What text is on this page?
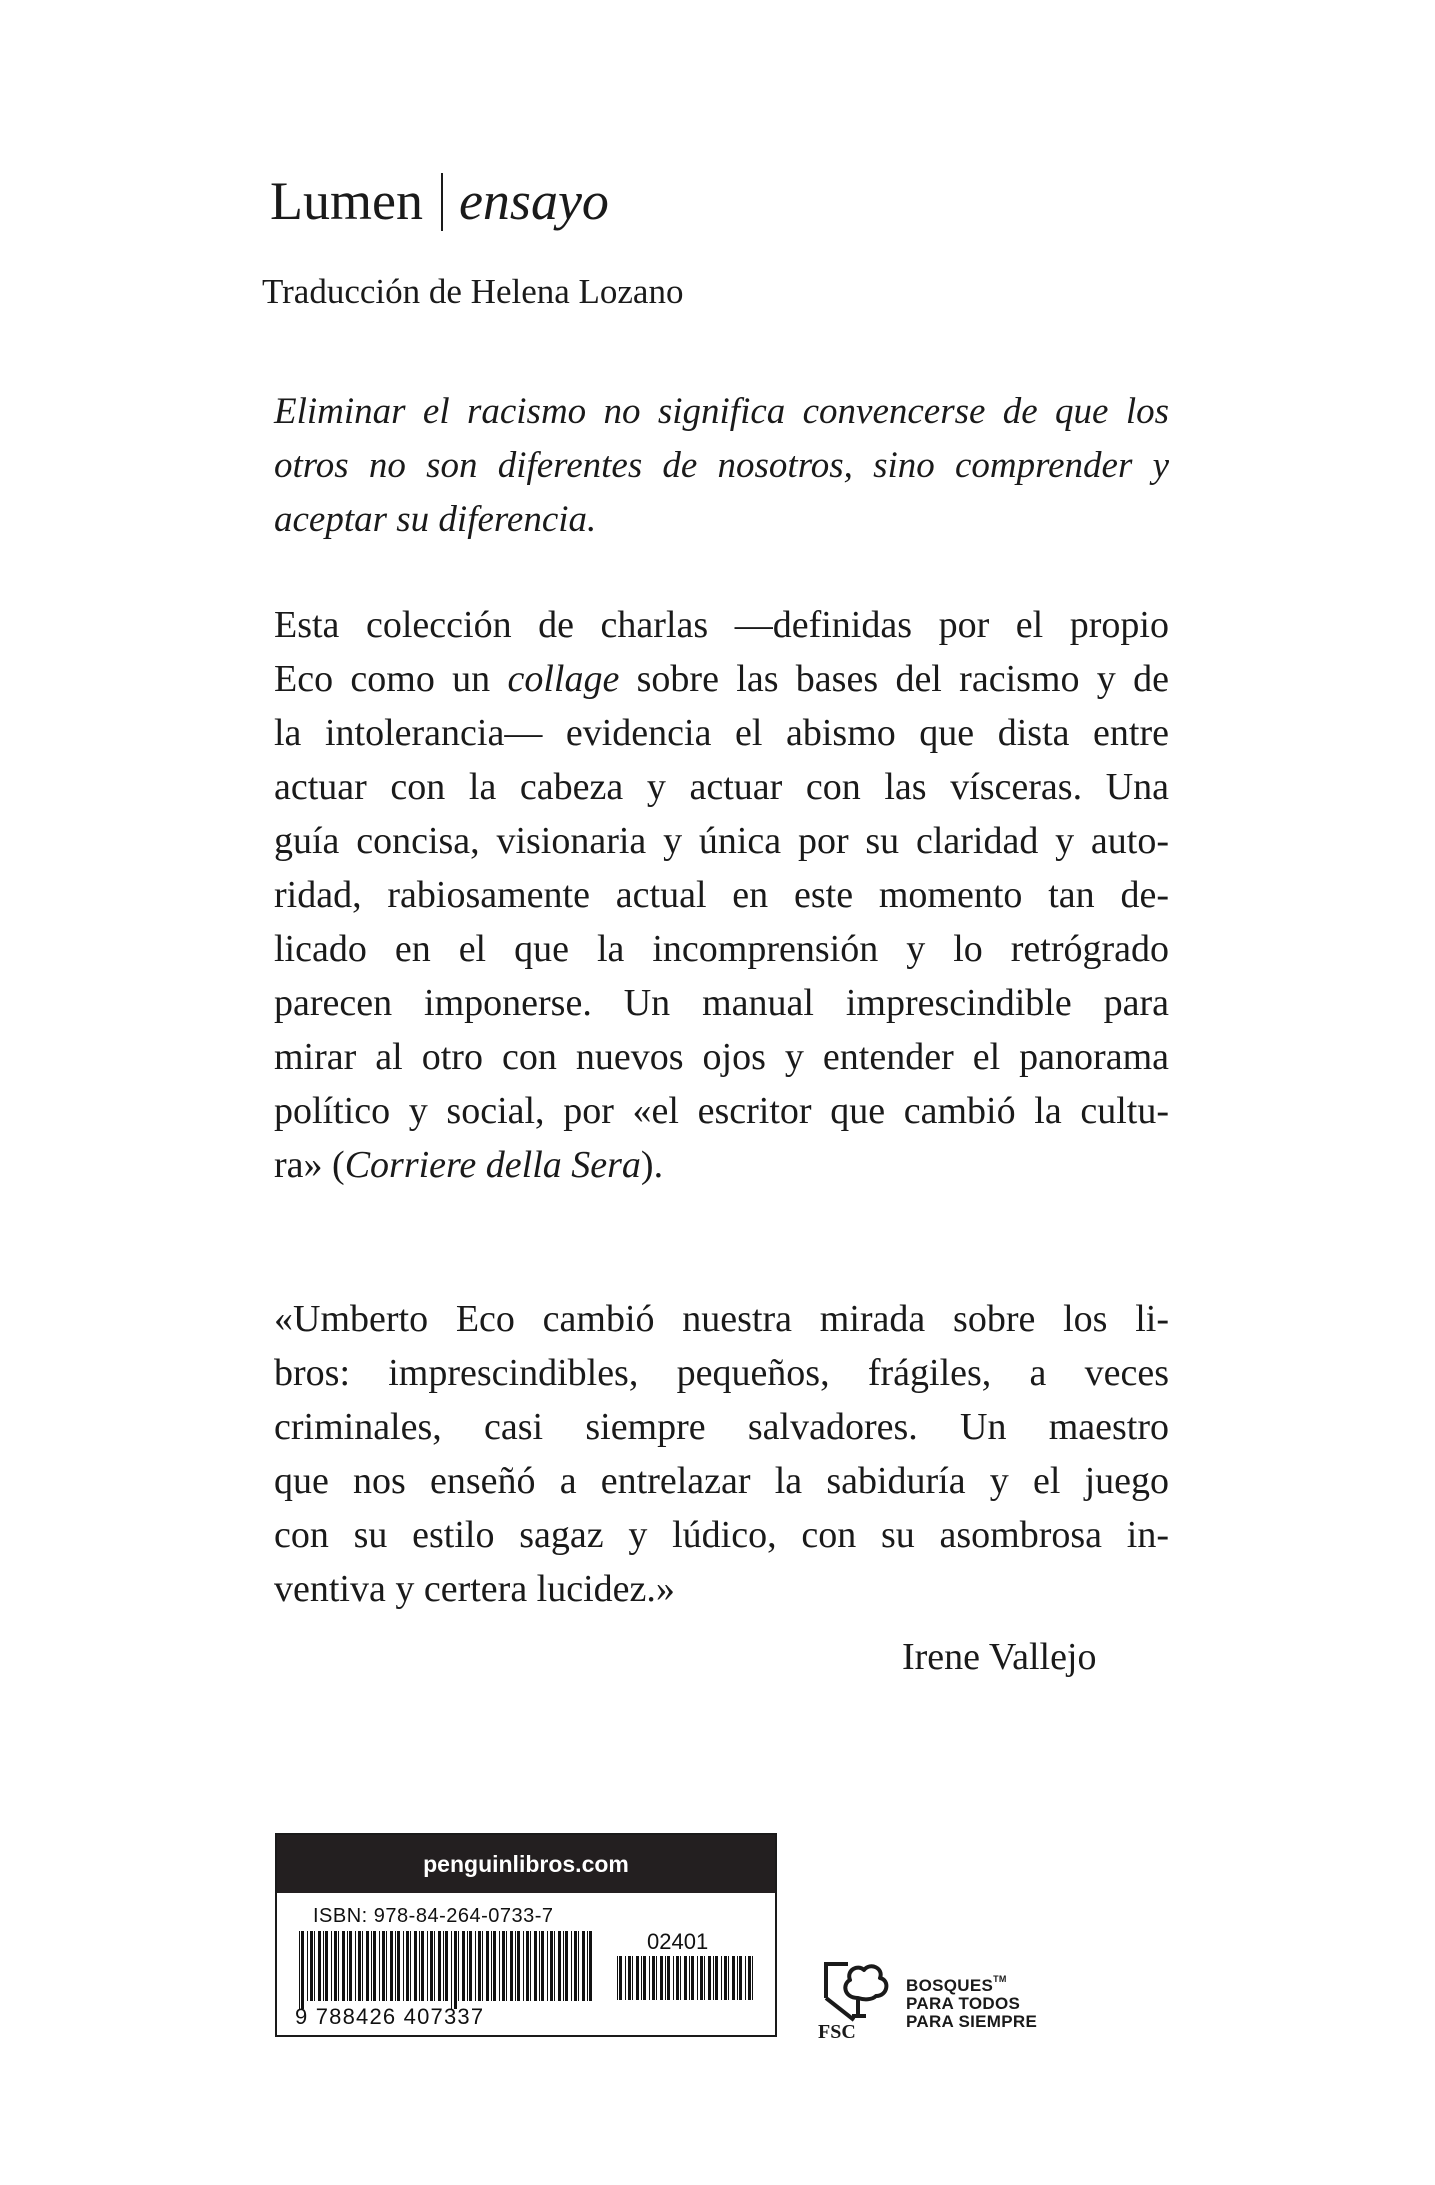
Lumen ensayo
Traducción de Helena Lozano
Eliminar el racismo no significa convencerse de que los otros no son diferentes de nosotros, sino comprender y aceptar su diferencia.
Esta colección de charlas —definidas por el propio
Eco como un collage sobre las bases del racismo y de
la intolerancia— evidencia el abismo que dista entre
actuar con la cabeza y actuar con las vísceras. Una
guía concisa, visionaria y única por su claridad y auto-
ridad, rabiosamente actual en este momento tan de-
licado en el que la incomprensión y lo retrógrado
parecen imponerse. Un manual imprescindible para
mirar al otro con nuevos ojos y entender el panorama
político y social, por «el escritor que cambió la cultu-
ra» (Corriere della Sera).
«Umberto Eco cambió nuestra mirada sobre los li-
bros: imprescindibles, pequeños, frágiles, a veces
criminales, casi siempre salvadores. Un maestro
que nos enseñó a entrelazar la sabiduría y el juego
con su estilo sagaz y lúdico, con su asombrosa in-
ventiva y certera lucidez.»
Irene Vallejo
penguinlibros.com
ISBN: 978-84-264-0733-7
02401
9 788426 407337
BOSQUES™
PARA TODOS
PARA SIEMPRE
FSC
